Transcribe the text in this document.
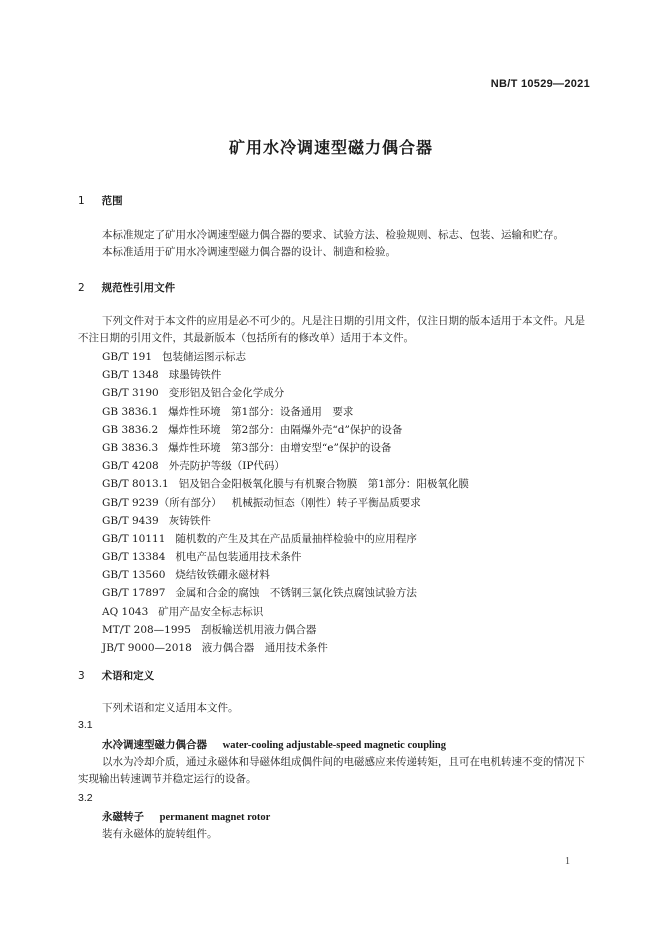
NB/T 10529—2021
矿用水冷调速型磁力偶合器
1 范围
本标准规定了矿用水冷调速型磁力偶合器的要求、试验方法、检验规则、标志、包装、运输和贮存。
本标准适用于矿用水冷调速型磁力偶合器的设计、制造和检验。
2 规范性引用文件
下列文件对于本文件的应用是必不可少的。凡是注日期的引用文件，仅注日期的版本适用于本文件。凡是不注日期的引用文件，其最新版本（包括所有的修改单）适用于本文件。
GB/T 191 包装储运图示标志
GB/T 1348 球墨铸铁件
GB/T 3190 变形铝及铝合金化学成分
GB 3836.1 爆炸性环境　第1部分：设备通用　要求
GB 3836.2 爆炸性环境　第2部分：由隔爆外壳“d”保护的设备
GB 3836.3 爆炸性环境　第3部分：由增安型“e”保护的设备
GB/T 4208 外壳防护等级（IP代码）
GB/T 8013.1 铝及铝合金阳极氧化膜与有机聚合物膜　第1部分：阳极氧化膜
GB/T 9239（所有部分） 机械振动恒态（刚性）转子平衡品质要求
GB/T 9439 灰铸铁件
GB/T 10111 随机数的产生及其在产品质量抽样检验中的应用程序
GB/T 13384 机电产品包装通用技术条件
GB/T 13560 烧结钕铁硼永磁材料
GB/T 17897 金属和合金的腐蚀　不锈钢三氯化铁点腐蚀试验方法
AQ 1043 矿用产品安全标志标识
MT/T 208—1995 刮板输送机用液力偶合器
JB/T 9000—2018 液力偶合器　通用技术条件
3 术语和定义
下列术语和定义适用本文件。
3.1
水冷调速型磁力偶合器 water-cooling adjustable-speed magnetic coupling
以水为冷却介质，通过永磁体和导磁体组成偶件间的电磁感应来传递转矩，且可在电机转速不变的情况下实现输出转速调节并稳定运行的设备。
3.2
永磁转子 permanent magnet rotor
装有永磁体的旋转组件。
1
